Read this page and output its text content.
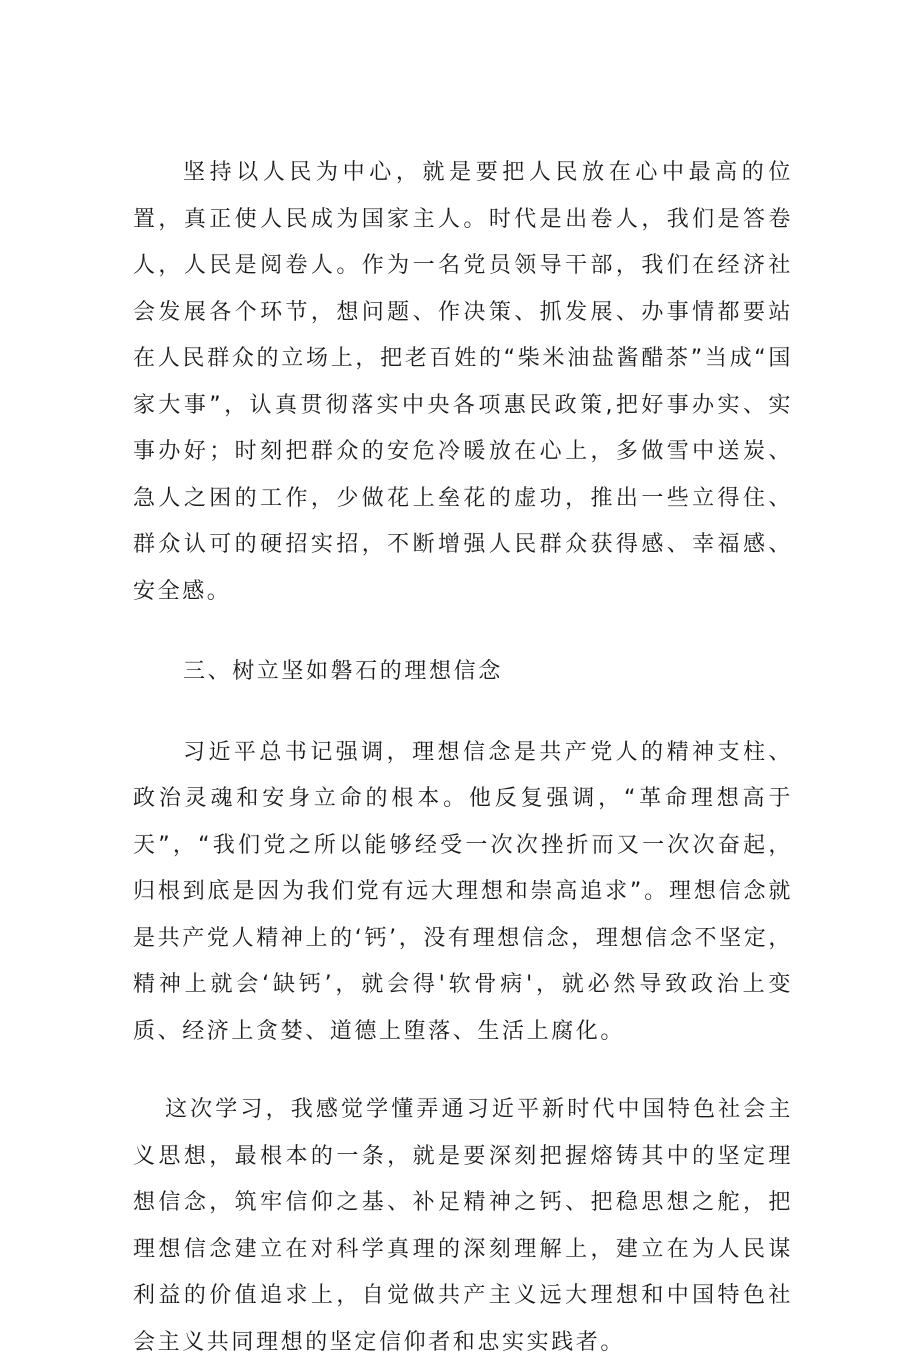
坚持以人民为中心，就是要把人民放在心中最高的位置，真正使人民成为国家主人。时代是出卷人，我们是答卷人，人民是阅卷人。作为一名党员领导干部，我们在经济社会发展各个环节，想问题、作决策、抓发展、办事情都要站在人民群众的立场上，把老百姓的“柴米油盐酱醋茶”当成“国家大事”，认真贯彻落实中央各项惠民政策,把好事办实、实事办好；时刻把群众的安危冷暖放在心上，多做雪中送炭、急人之困的工作，少做花上垒花的虚功，推出一些立得住、群众认可的硬招实招，不断增强人民群众获得感、幸福感、安全感。

三、树立坚如磐石的理想信念

习近平总书记强调，理想信念是共产党人的精神支柱、政治灵魂和安身立命的根本。他反复强调，“革命理想高于天”，“我们党之所以能够经受一次次挫折而又一次次奋起，归根到底是因为我们党有远大理想和崇高追求”。理想信念就是共产党人精神上的‘钙’，没有理想信念，理想信念不坚定，精神上就会‘缺钙’，就会得'软骨病'，就必然导致政治上变质、经济上贪婪、道德上堕落、生活上腐化。

这次学习，我感觉学懂弄通习近平新时代中国特色社会主义思想，最根本的一条，就是要深刻把握熔铸其中的坚定理想信念，筑牢信仰之基、补足精神之钙、把稳思想之舵，把理想信念建立在对科学真理的深刻理解上，建立在为人民谋利益的价值追求上，自觉做共产主义远大理想和中国特色社会主义共同理想的坚定信仰者和忠实实践者。
